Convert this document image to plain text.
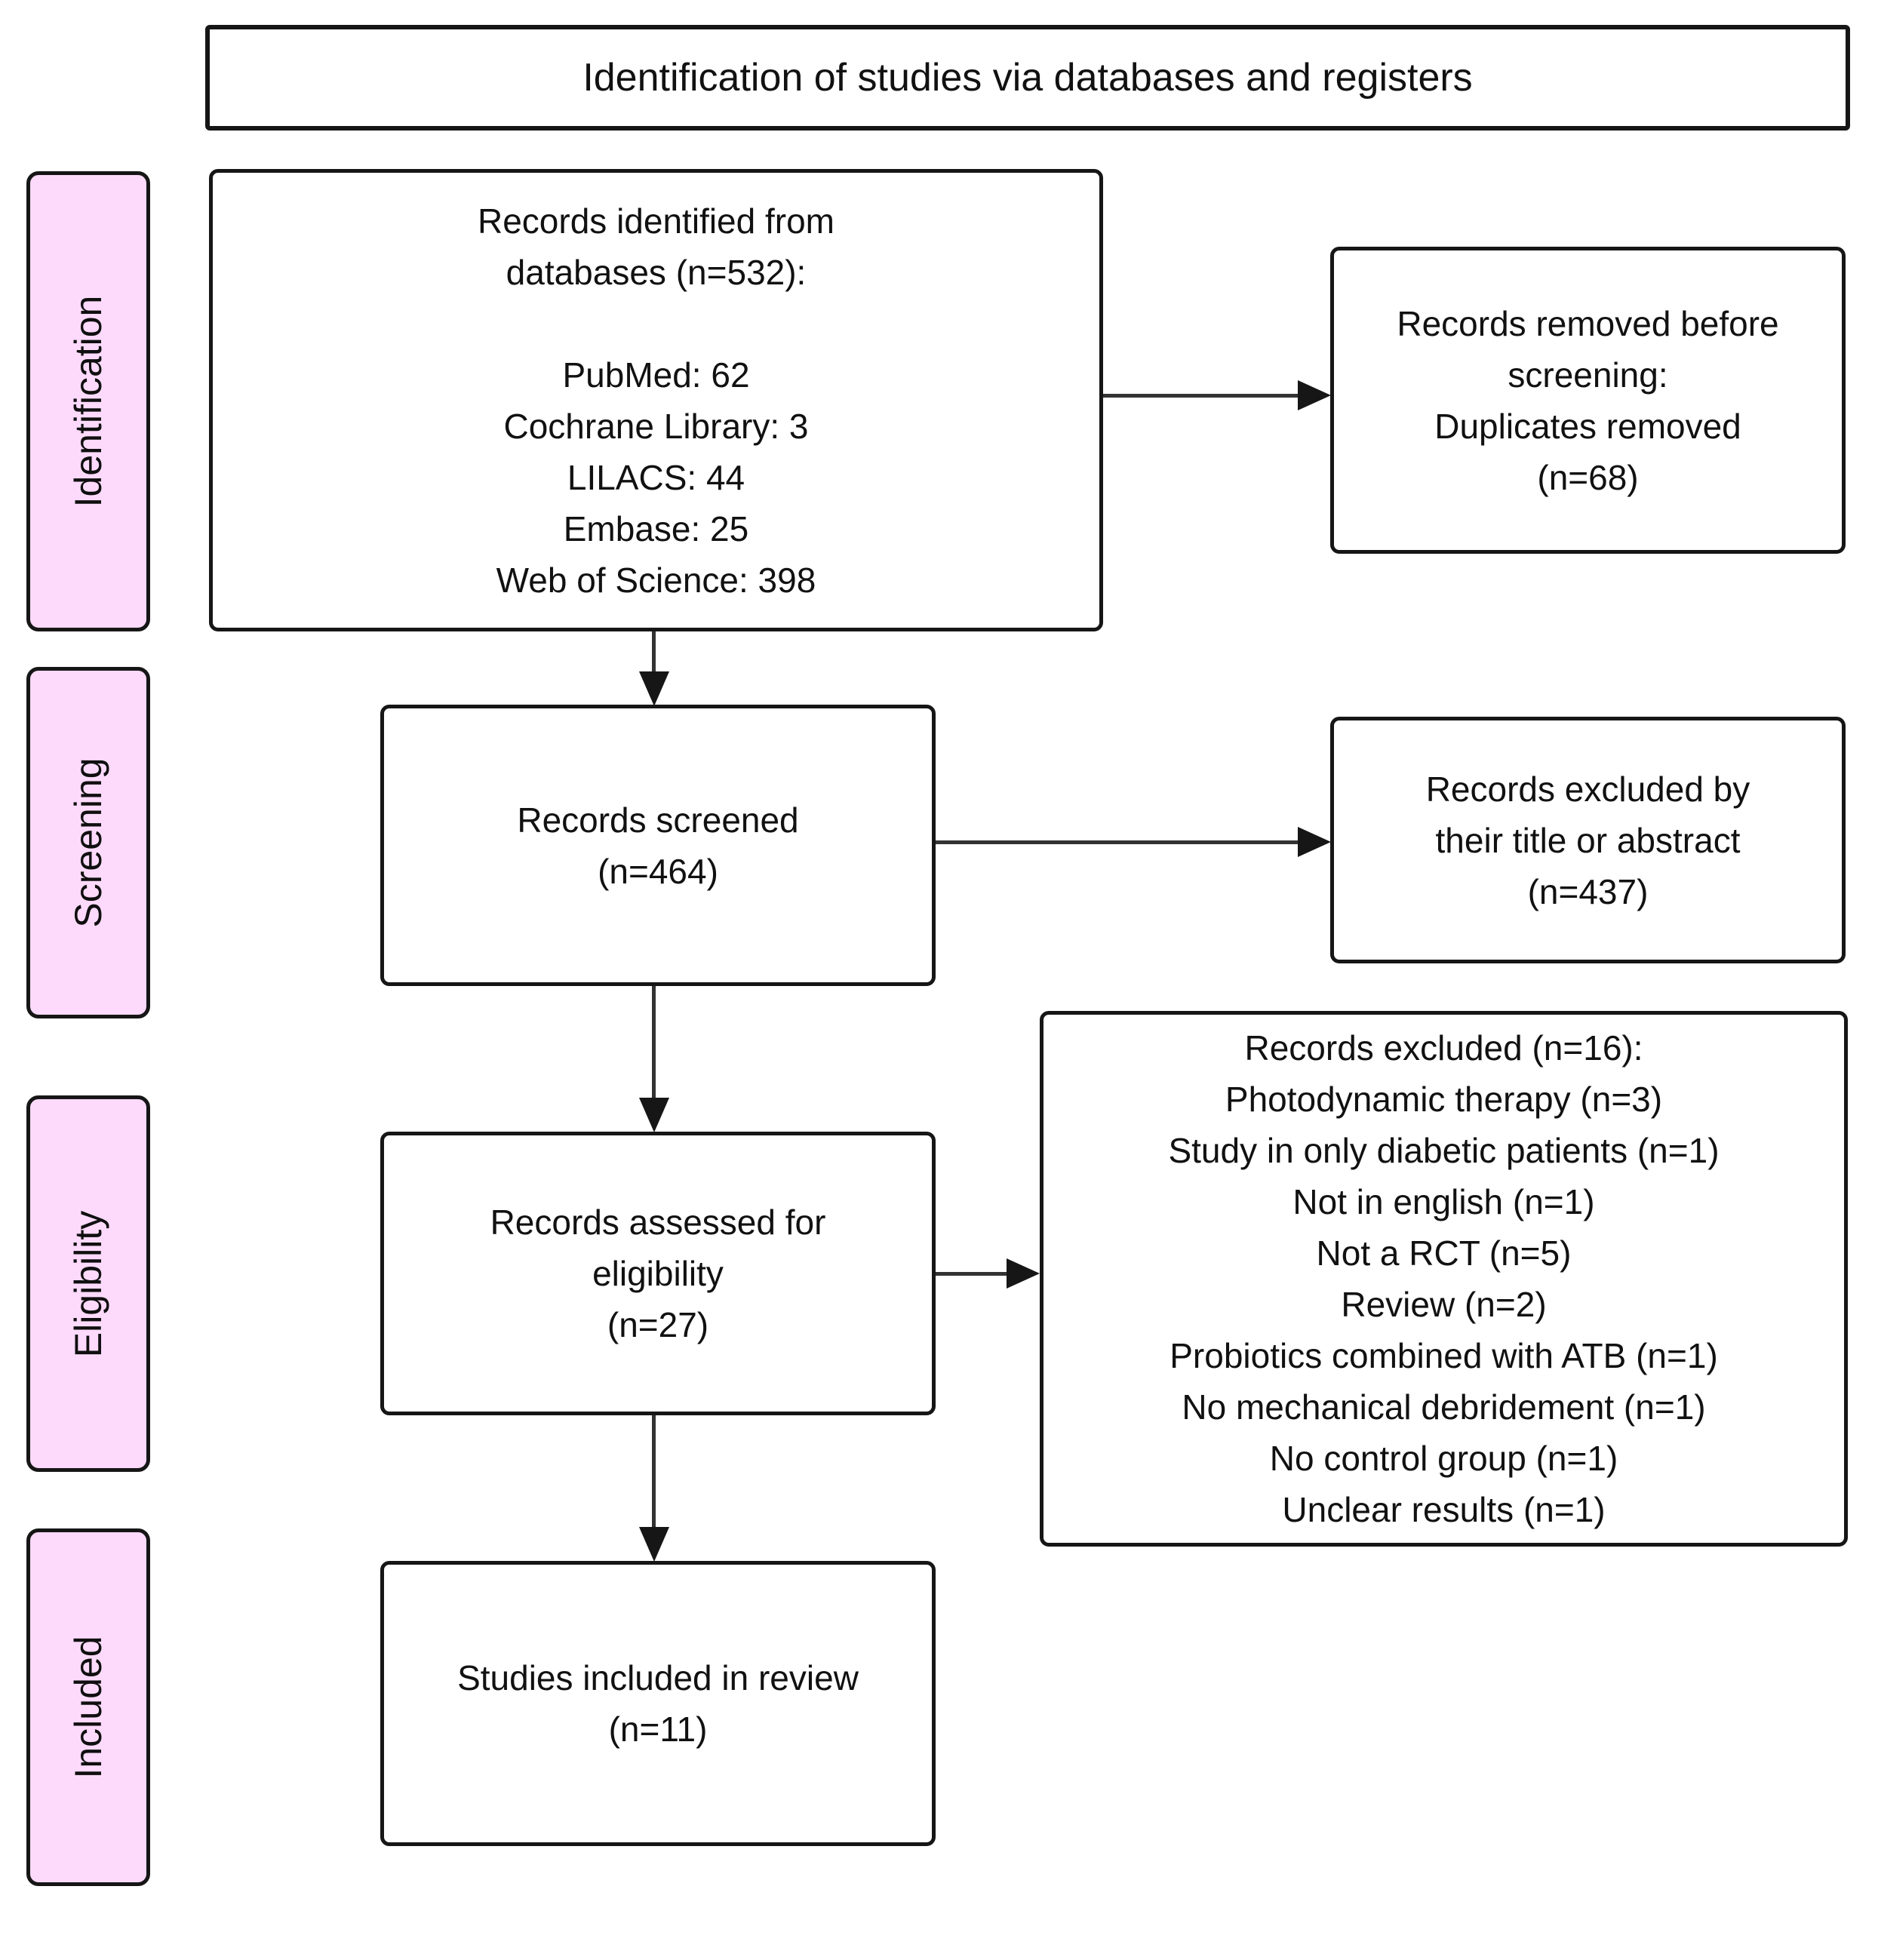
Identification of studies via databases and registers
Identification
Screening
Eligibility
Included
Records identified from
databases (n=532):
PubMed: 62
Cochrane Library: 3
LILACS: 44
Embase: 25
Web of Science: 398
Records removed before
screening:
Duplicates removed
(n=68)
Records screened
(n=464)
Records excluded by
their title or abstract
(n=437)
Records assessed for
eligibility
(n=27)
Records excluded (n=16):
Photodynamic therapy (n=3)
Study in only diabetic patients (n=1)
Not in english (n=1)
Not a RCT (n=5)
Review (n=2)
Probiotics combined with ATB (n=1)
No mechanical debridement (n=1)
No control group (n=1)
Unclear results (n=1)
Studies included in review
(n=11)
